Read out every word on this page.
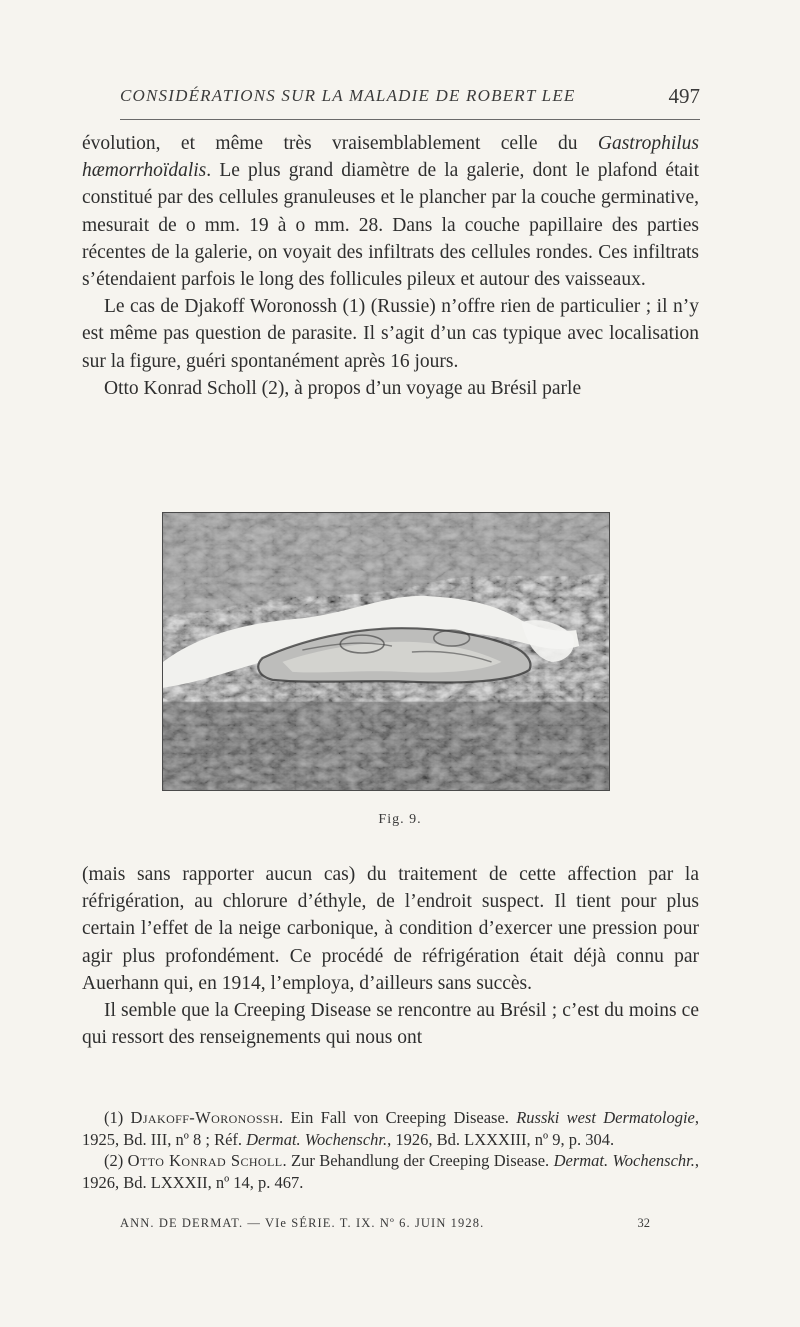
CONSIDÉRATIONS SUR LA MALADIE DE ROBERT LEE	497

évolution, et même très vraisemblablement celle du Gastrophilus hæmorrhoïdalis. Le plus grand diamètre de la galerie, dont le plafond était constitué par des cellules granuleuses et le plancher par la couche germinative, mesurait de o mm. 19 à o mm. 28. Dans la couche papillaire des parties récentes de la galerie, on voyait des infiltrats des cellules rondes. Ces infiltrats s’étendaient parfois le long des follicules pileux et autour des vaisseaux.

Le cas de Djakoff Woronossh (1) (Russie) n’offre rien de particulier ; il n’y est même pas question de parasite. Il s’agit d’un cas typique avec localisation sur la figure, guéri spontanément après 16 jours.

Otto Konrad Scholl (2), à propos d’un voyage au Brésil parle

Fig. 9.

(mais sans rapporter aucun cas) du traitement de cette affection par la réfrigération, au chlorure d’éthyle, de l’endroit suspect. Il tient pour plus certain l’effet de la neige carbonique, à condition d’exercer une pression pour agir plus profondément. Ce procédé de réfrigération était déjà connu par Auerhann qui, en 1914, l’employa, d’ailleurs sans succès.

Il semble que la Creeping Disease se rencontre au Brésil ; c’est du moins ce qui ressort des renseignements qui nous ont

(1) Djakoff-Woronossh. Ein Fall von Creeping Disease. Russki west Dermatologie, 1925, Bd. III, nº 8 ; Réf. Dermat. Wochenschr., 1926, Bd. LXXXIII, nº 9, p. 304.

(2) Otto Konrad Scholl. Zur Behandlung der Creeping Disease. Dermat. Wochenschr., 1926, Bd. LXXXII, nº 14, p. 467.

ANN. DE DERMAT. — VIe SÉRIE. T. IX. Nº 6. JUIN 1928.	32
